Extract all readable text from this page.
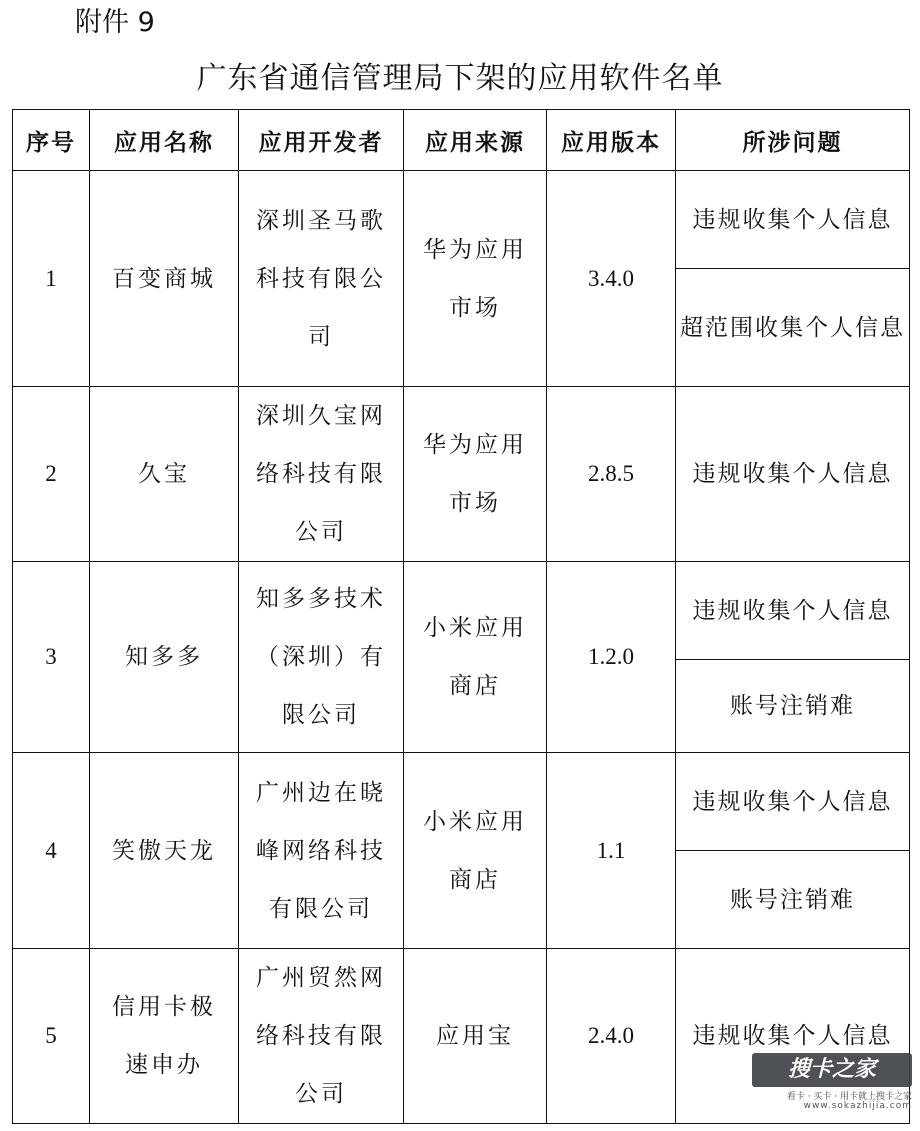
附件 9
广东省通信管理局下架的应用软件名单
序号	应用名称	应用开发者	应用来源	应用版本	所涉问题
1	百变商城	深圳圣马歌科技有限公司	华为应用市场	3.4.0	违规收集个人信息
					超范围收集个人信息
2	久宝	深圳久宝网络科技有限公司	华为应用市场	2.8.5	违规收集个人信息
3	知多多	知多多技术（深圳）有限公司	小米应用商店	1.2.0	违规收集个人信息
					账号注销难
4	笑傲天龙	广州边在晓峰网络科技有限公司	小米应用商店	1.1	违规收集个人信息
					账号注销难
5	信用卡极速申办	广州贸然网络科技有限公司	应用宝	2.4.0	违规收集个人信息
搜卡之家
看卡 · 买卡 · 用卡就上搜卡之家
www.sokazhijia.com
